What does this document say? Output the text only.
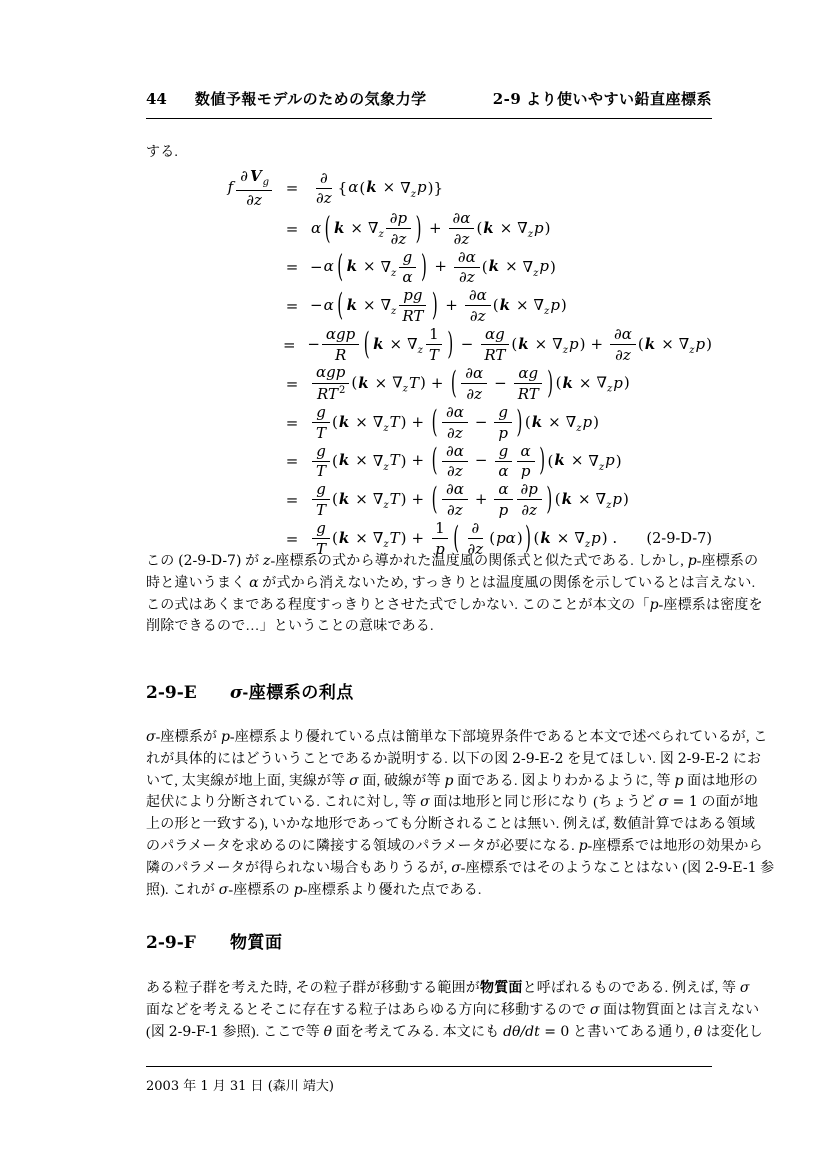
44 数値予報モデルのための気象力学	2-9 より使いやすい鉛直座標系
する.
f $\frac{\partial V_g}{\partial z}$ =
∂
∂z
$\{\alpha(k \times \nabla_zp)\}$
= α ( $k \times \nabla_z \frac{\partial p}{\partial z}$ ) + $\frac{\partial\alpha}{\partial z} (k \times \nabla_zp)$
= −α ( $k \times \nabla_z \frac{g}{\alpha}$ ) + $\frac{\partial\alpha}{\partial z} (k \times \nabla_zp)$
= −α ( $k \times \nabla_z \frac{pg}{RT}$ ) + $\frac{\partial\alpha}{\partial z} (k \times \nabla_zp)$
= −
αgp
R ( $k \times \nabla_z \frac{1}{T}$ ) − $\frac{\alpha g}{RT} (k \times \nabla_zp) + \frac{\partial\alpha}{\partial z} (k \times \nabla_zp)$
=
αgp
$RT^2$ $(k \times \nabla_zT)$ + ( $\frac{\partial\alpha}{\partial z} - \frac{\alpha g}{RT}$ ) $(k \times \nabla_zp)$
= $\frac{g}{T} (k \times \nabla_zT)$ + ( $\frac{\partial\alpha}{\partial z} - \frac{g}{p}$ ) $(k \times \nabla_zp)$
= $\frac{g}{T} (k \times \nabla_zT)$ + ( $\frac{\partial\alpha}{\partial z} - \frac{g}{\alpha} \frac{\alpha}{p}$ ) $(k \times \nabla_zp)$
= $\frac{g}{T} (k \times \nabla_zT)$ + ( $\frac{\partial\alpha}{\partial z} + \frac{\alpha}{p} \frac{\partial p}{\partial z}$ ) $(k \times \nabla_zp)$
= $\frac{g}{T} (k \times \nabla_zT) + \frac{1}{p}$ ( ∂
∂z
(pα) ) $(k \times \nabla_zp)$ . (2-9-D-7)
この (2-9-D-7) が z-座標系の式から導かれた温度風の関係式と似た式である. しかし, p-座標系の
時と違いうまく α が式から消えないため, すっきりとは温度風の関係を示しているとは言えない.
この式はあくまである程度すっきりとさせた式でしかない. このことが本文の「p-座標系は密度を
削除できるので…」ということの意味である.
2-9-E	σ-座標系の利点
σ-座標系が p-座標系より優れている点は簡単な下部境界条件であると本文で述べられているが, こ
れが具体的にはどういうことであるか説明する. 以下の図 2-9-E-2 を見てほしい. 図 2-9-E-2 にお
いて, 太実線が地上面, 実線が等 σ 面, 破線が等 p 面である. 図よりわかるように, 等 p 面は地形の
起伏により分断されている. これに対し, 等 σ 面は地形と同じ形になり (ちょうど σ = 1 の面が地
上の形と一致する), いかな地形であっても分断されることは無い. 例えば, 数値計算ではある領域
のパラメータを求めるのに隣接する領域のパラメータが必要になる. p-座標系では地形の効果から
隣のパラメータが得られない場合もありうるが, σ-座標系ではそのようなことはない (図 2-9-E-1 参
照). これが σ-座標系の p-座標系より優れた点である.
2-9-F	物質面
ある粒子群を考えた時, その粒子群が移動する範囲が物質面と呼ばれるものである. 例えば, 等 σ
面などを考えるとそこに存在する粒子はあらゆる方向に移動するので σ 面は物質面とは言えない
(図 2-9-F-1 参照). ここで等 θ 面を考えてみる. 本文にも dθ/dt = 0 と書いてある通り, θ は変化し
2003 年 1 月 31 日 (森川 靖大)
